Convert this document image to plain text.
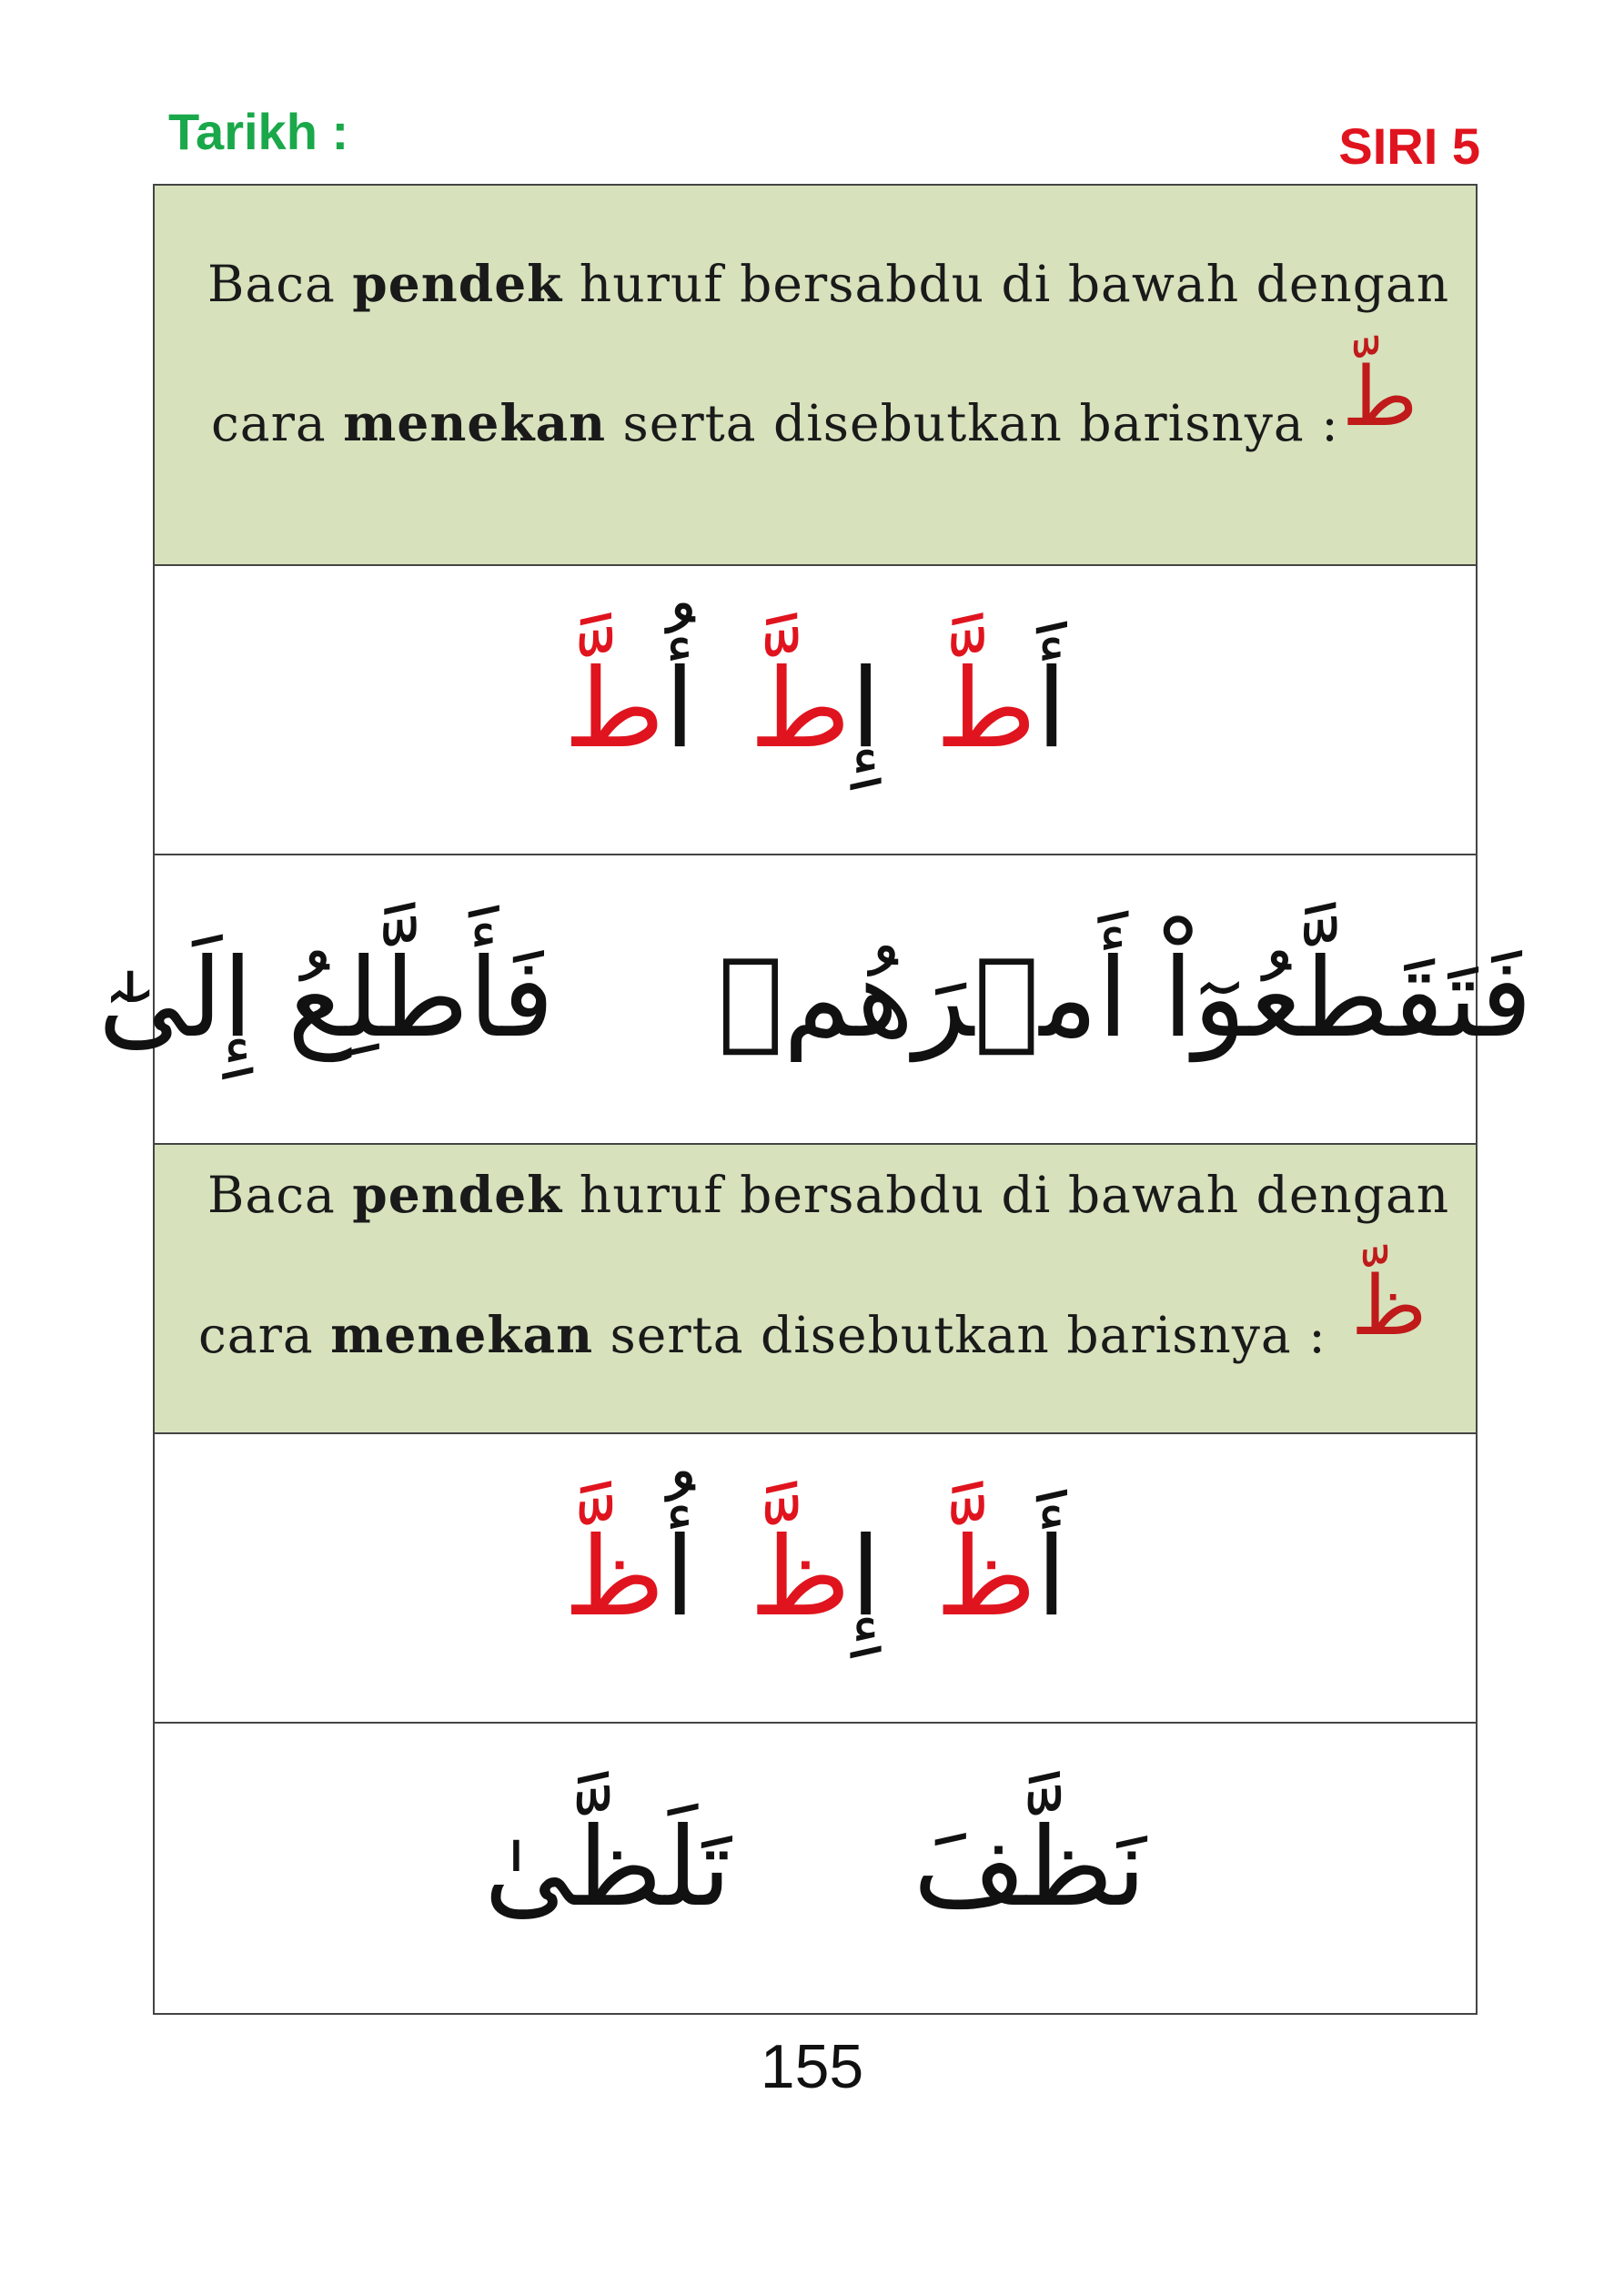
Tarikh :	SIRI 5
Baca pendek huruf bersabdu di bawah dengan
cara menekan serta disebutkan barisnya : طّ
أَطَّ
إِطَّ
أُطَّ
فَتَقَطَّعُوٓاْ أَمۡرَهُمۡ
فَأَطَّلِعُ إِلَىٰٓ
Baca pendek huruf bersabdu di bawah dengan
cara menekan serta disebutkan barisnya : ظّ
أَظَّ
إِظَّ
أُظَّ
نَظَّفَ
تَلَظَّىٰ
155
